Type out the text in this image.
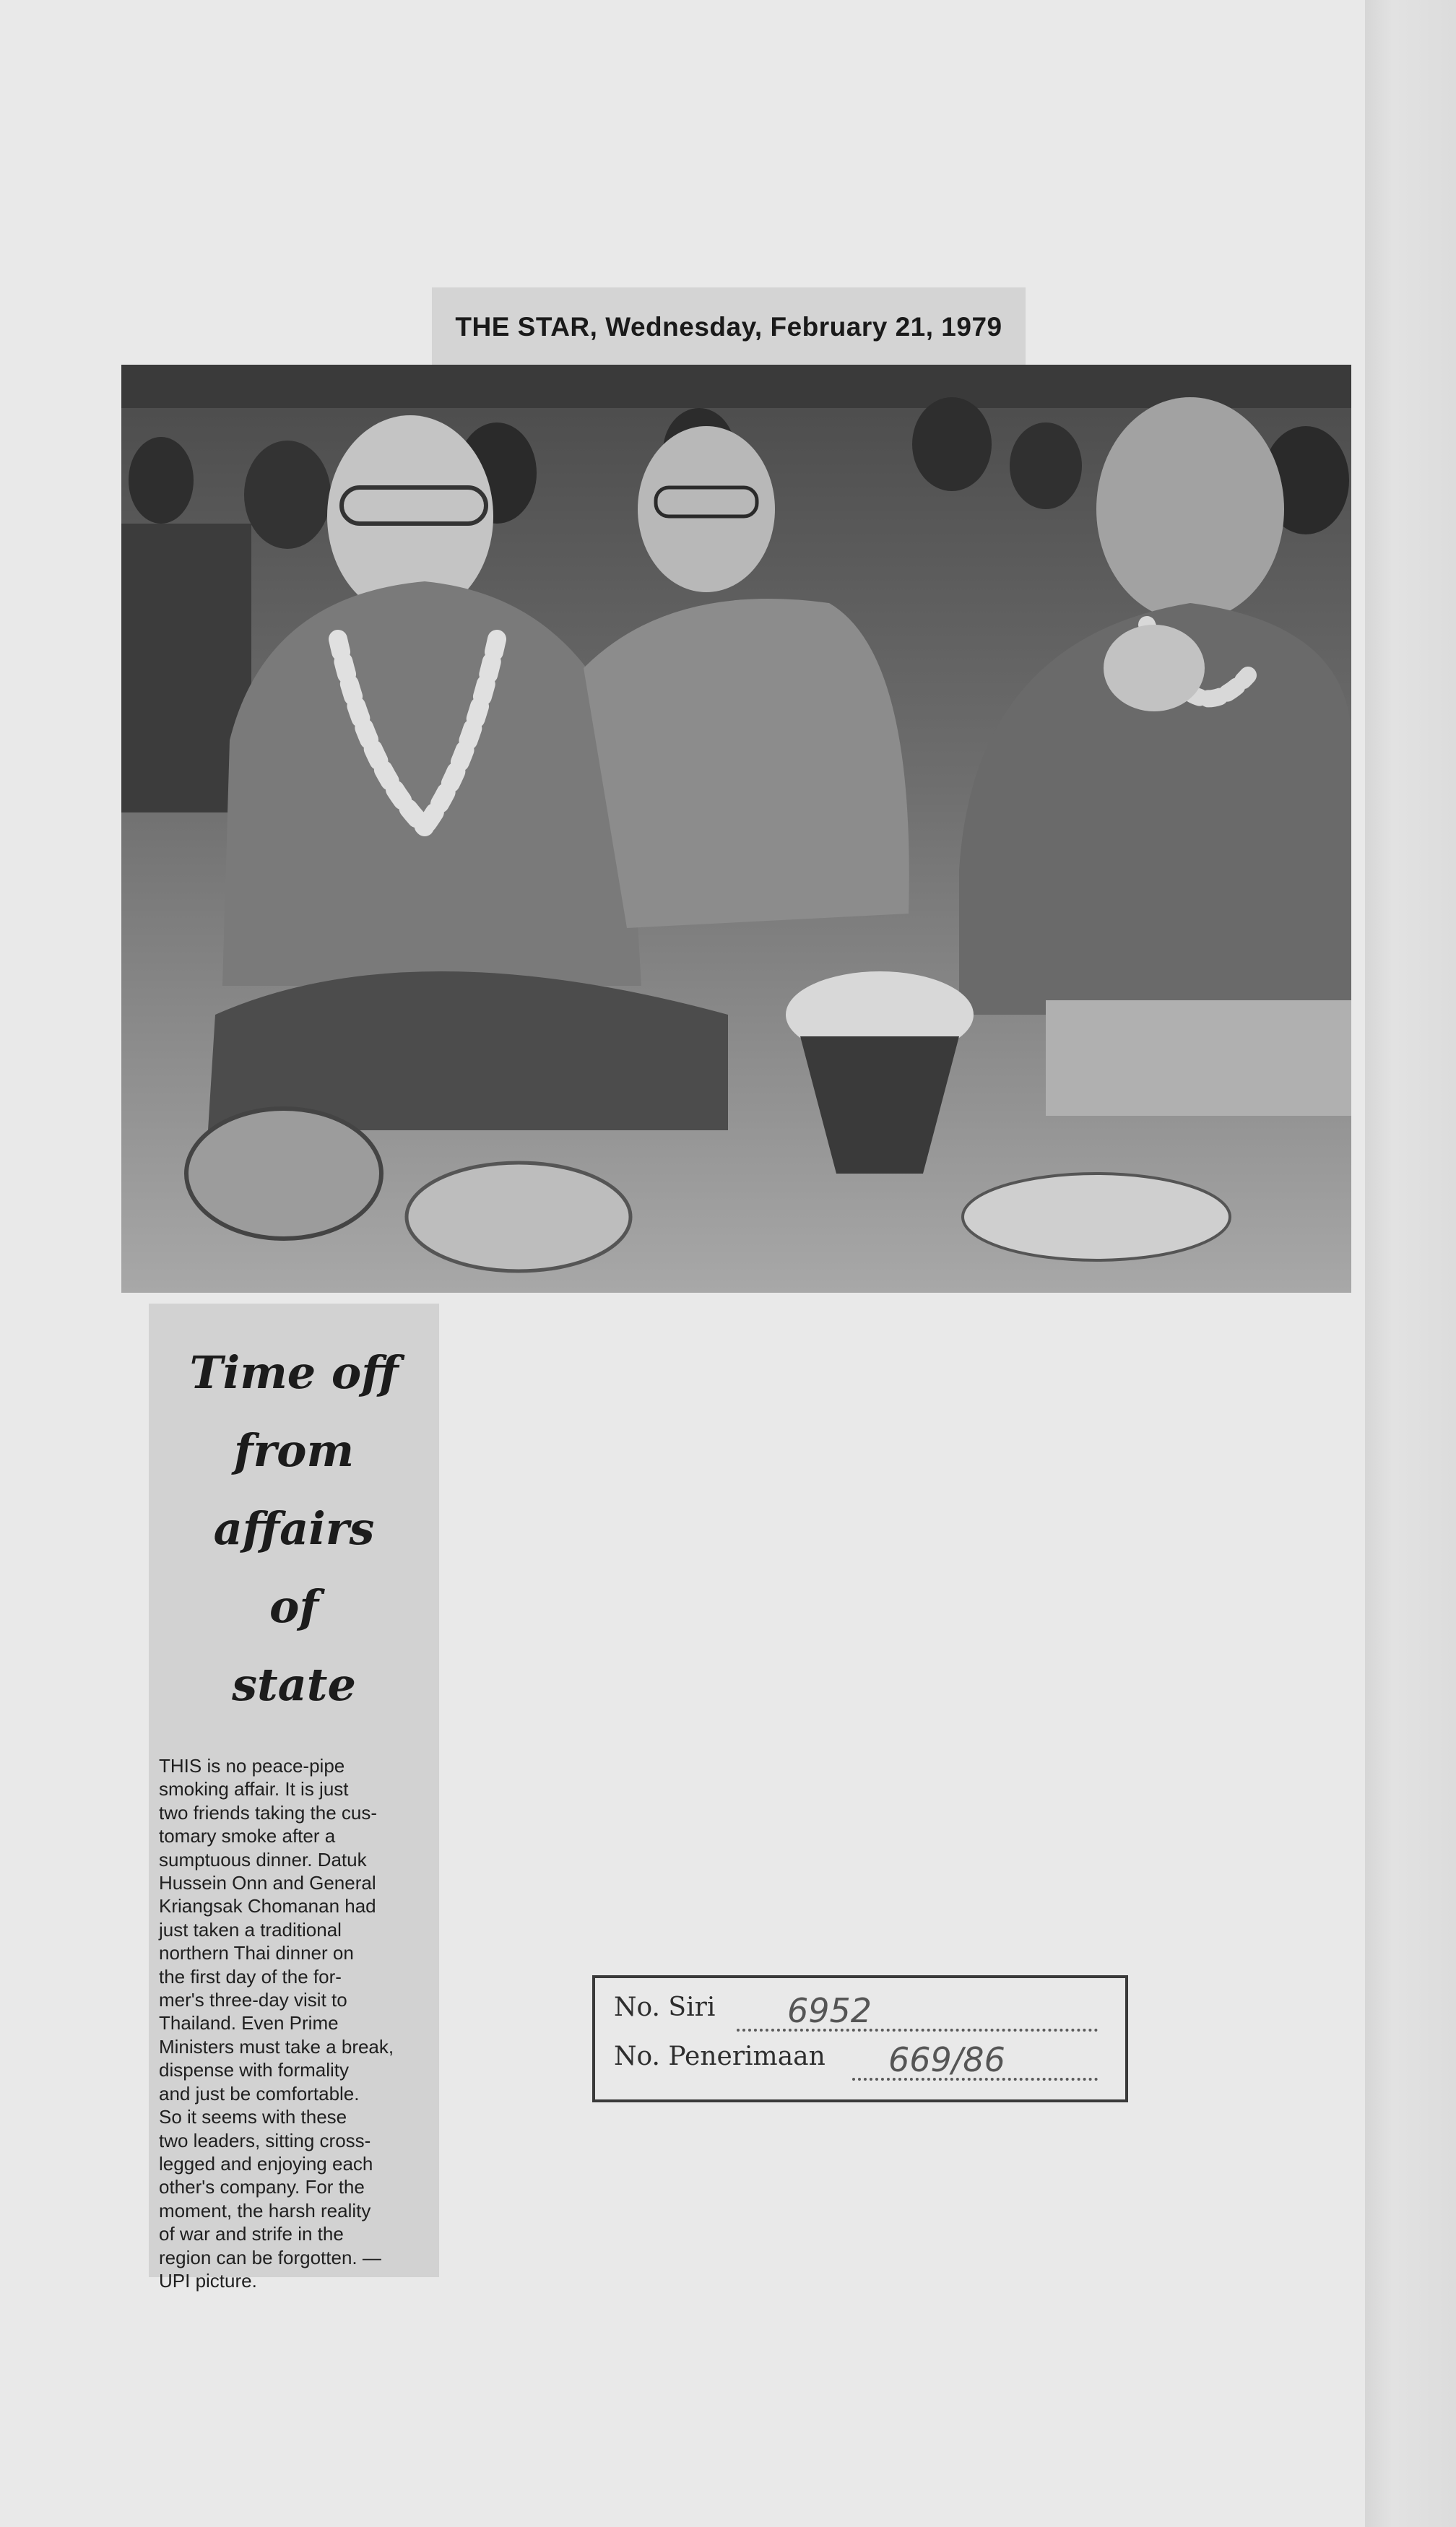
THE STAR, Wednesday, February 21, 1979
Time off
from
affairs
of
state
THIS is no peace-pipe
smoking affair. It is just
two friends taking the cus-
tomary smoke after a
sumptuous dinner. Datuk
Hussein Onn and General
Kriangsak Chomanan had
just taken a traditional
northern Thai dinner on
the first day of the for-
mer's three-day visit to
Thailand. Even Prime
Ministers must take a break,
dispense with formality
and just be comfortable.
So it seems with these
two leaders, sitting cross-
legged and enjoying each
other's company. For the
moment, the harsh reality
of war and strife in the
region can be forgotten. —
UPI picture.
No. Siri 6952
No. Penerimaan 669/86
